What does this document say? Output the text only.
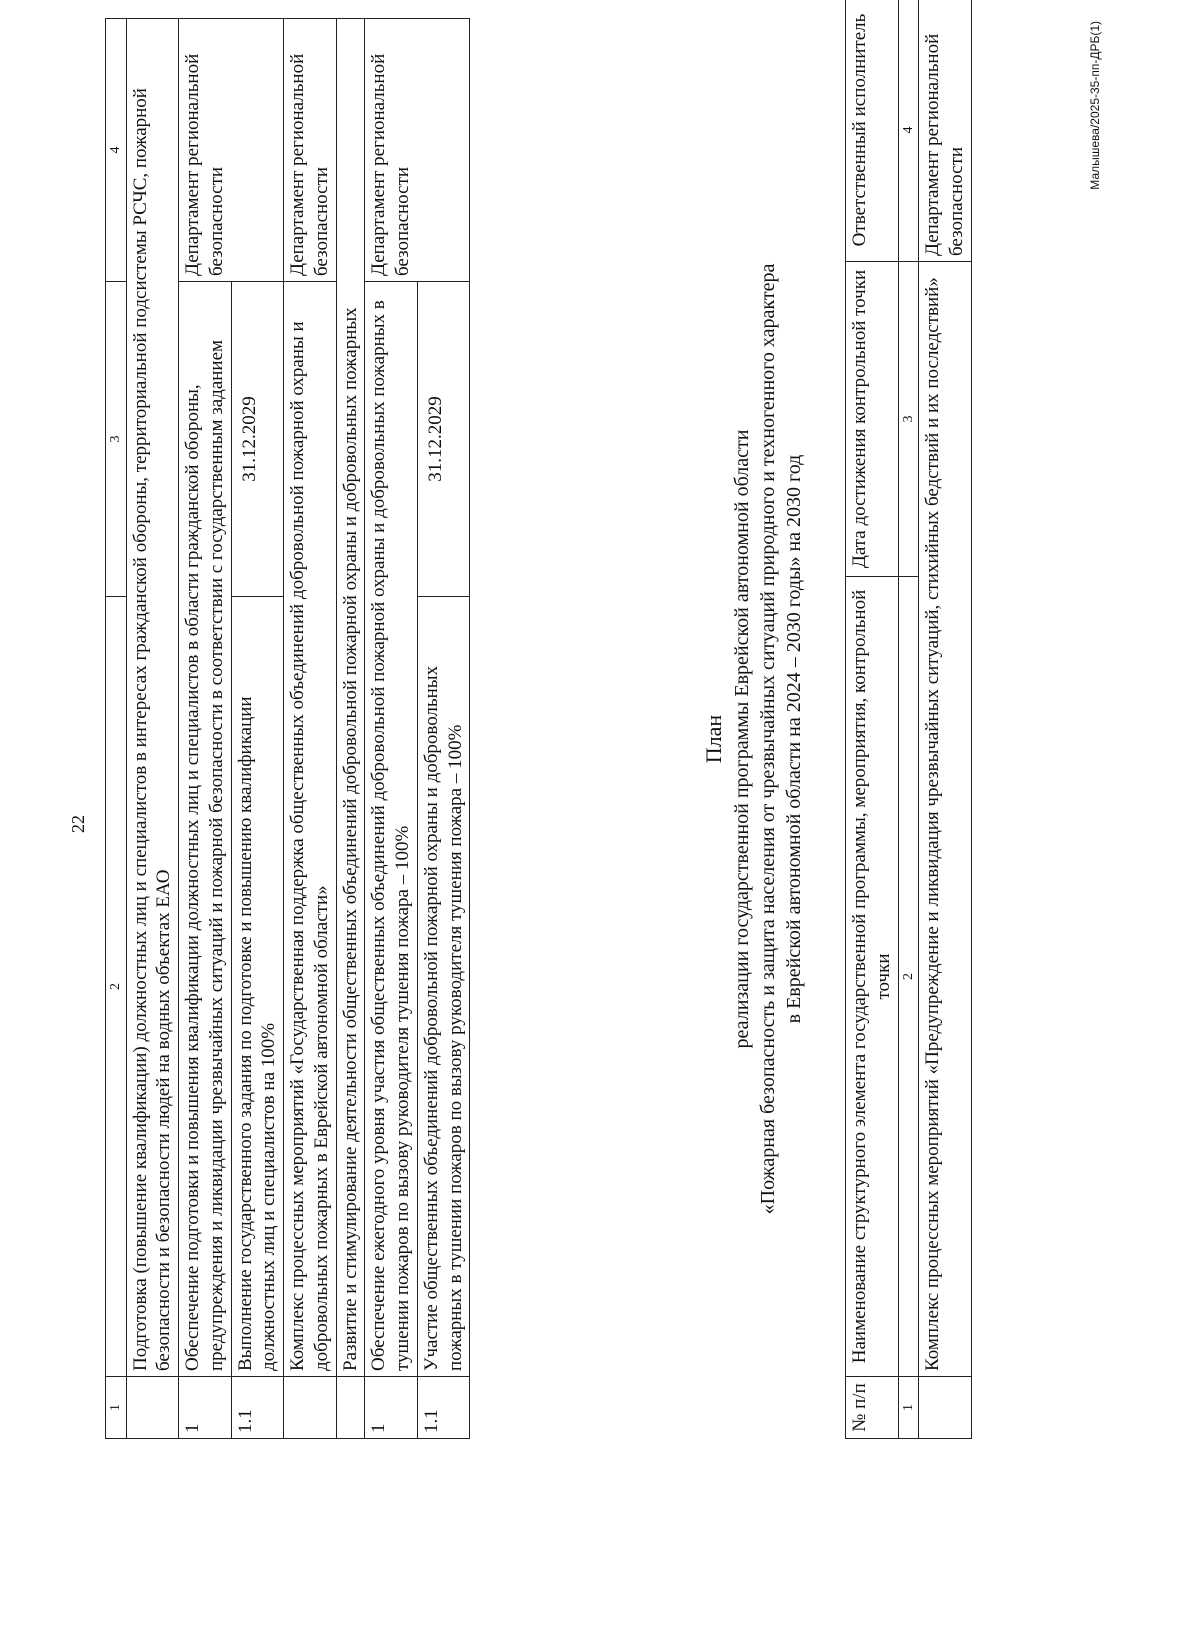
22
1	2	3	4
	Подготовка (повышение квалификации) должностных лиц и специалистов в интересах гражданской обороны, территориальной подсистемы РСЧС, пожарной безопасности и безопасности людей на водных объектах ЕАО		
1	Обеспечение подготовки и повышения квалификации должностных лиц и специалистов в области гражданской обороны, предупреждения и ликвидации чрезвычайных ситуаций и пожарной безопасности в соответствии с государственным заданием		Департамент региональной безопасности
1.1	Выполнение государственного задания по подготовке и повышению квалификации должностных лиц и специалистов на 100%	31.12.2029	
	Комплекс процессных мероприятий «Государственная поддержка общественных объединений добровольной пожарной охраны и добровольных пожарных в Еврейской автономной области»		Департамент региональной безопасности
	Развитие и стимулирование деятельности общественных объединений добровольной пожарной охраны и добровольных пожарных		
1	Обеспечение ежегодного уровня участия общественных объединений добровольной пожарной охраны и добровольных пожарных в тушении пожаров по вызову руководителя тушения пожара – 100%		Департамент региональной безопасности
1.1	Участие общественных объединений добровольной пожарной охраны и добровольных пожарных в тушении пожаров по вызову руководителя тушения пожара – 100%	31.12.2029	
План реализации государственной программы Еврейской автономной области «Пожарная безопасность и защита населения от чрезвычайных ситуаций природного и техногенного характера в Еврейской автономной области на 2024 – 2030 годы» на 2030 год
№ п/п	Наименование структурного элемента государственной программы, мероприятия, контрольной точки	Дата достижения контрольной точки	Ответственный исполнитель
1	2	3	4
	Комплекс процессных мероприятий «Предупреждение и ликвидация чрезвычайных ситуаций, стихийных бедствий и их последствий»		Департамент региональной безопасности
Малышева/2025-35-пп-ДРБ(1)
